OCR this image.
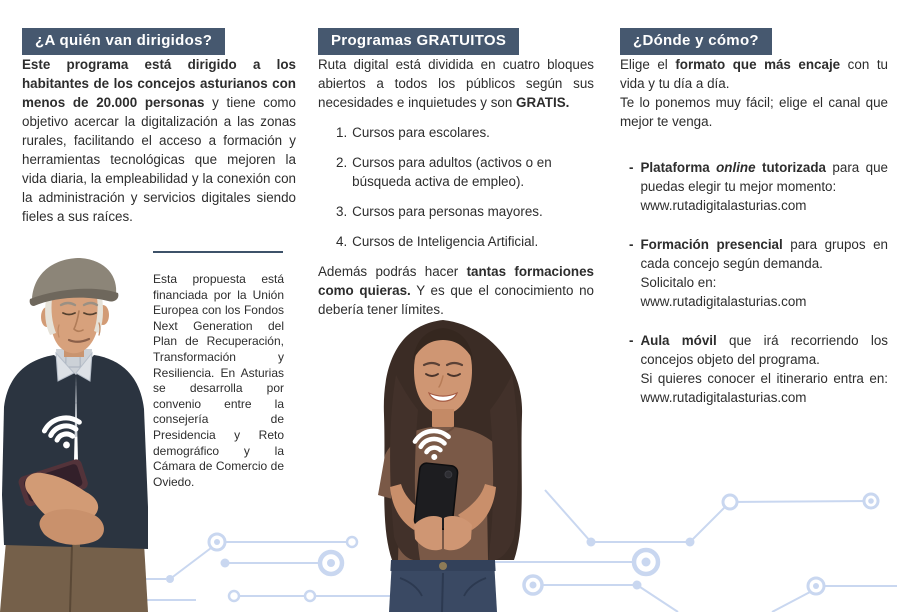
¿A quién van dirigidos?

Este programa está dirigido a los habitantes de los concejos asturianos con menos de 20.000 personas y tiene como objetivo acercar la digitalización a las zonas rurales, facilitando el acceso a formación y herramientas tecnológicas que mejoren la vida diaria, la empleabilidad y la conexión con la administración y servicios digitales siendo fieles a sus raíces.

Esta propuesta está financiada por la Unión Europea con los Fondos Next Generation del Plan de Recuperación, Transformación y Resiliencia. En Asturias se desarrolla por convenio entre la consejería de Presidencia y Reto demográfico y la Cámara de Comercio de Oviedo.

Programas GRATUITOS

Ruta digital está dividida en cuatro bloques abiertos a todos los públicos según sus necesidades e inquietudes y son GRATIS.

1. Cursos para escolares.
2. Cursos para adultos (activos o en búsqueda activa de empleo).
3. Cursos para personas mayores.
4. Cursos de Inteligencia Artificial.

Además podrás hacer tantas formaciones como quieras. Y es que el conocimiento no debería tener límites.

¿Dónde y cómo?

Elige el formato que más encaje con tu vida y tu día a día.

Te lo ponemos muy fácil; elige el canal que mejor te venga.

- Plataforma online tutorizada para que puedas elegir tu mejor momento:
www.rutadigitalasturias.com

- Formación presencial para grupos en cada concejo según demanda.
Solicitalo en:
www.rutadigitalasturias.com

- Aula móvil que irá recorriendo los concejos objeto del programa.
Si quieres conocer el itinerario entra en: www.rutadigitalasturias.com
